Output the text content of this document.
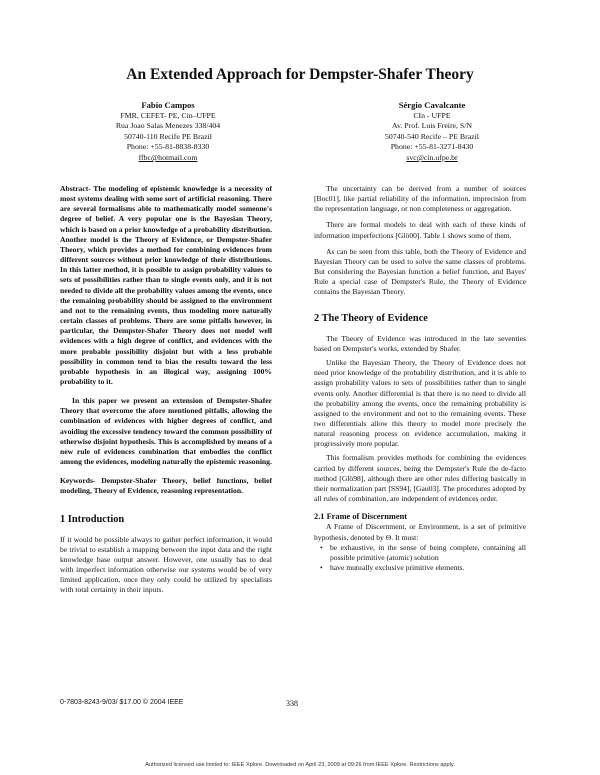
An Extended Approach for Dempster-Shafer Theory
Fabio Campos
FMR, CEFET- PE, Cin–UFPE
Rua Joao Salas Menezes 338/404
50740-110 Recife PE Brazil
Phone: +55-81-8838-8330
ffbc@hotmail.com
Sérgio Cavalcante
CIn - UFPE
Av. Prof. Luis Freire, S/N
50740-540 Recife – PE Brazil
Phone: +55-81-3271-8430
svc@cin.ufpe.br

Abstract- The modeling of epistemic knowledge is a necessity of most systems dealing with some sort of artificial reasoning. There are several formalisms able to mathematically model someone's degree of belief. A very popular one is the Bayesian Theory, which is based on a prior knowledge of a probability distribution. Another model is the Theory of Evidence, or Dempster-Shafer Theory, which provides a method for combining evidences from different sources without prior knowledge of their distributions. In this latter method, it is possible to assign probability values to sets of possibilities rather than to single events only, and it is not needed to divide all the probability values among the events, once the remaining probability should be assigned to the environment and not to the remaining events, thus modeling more naturally certain classes of problems. There are some pitfalls however, in particular, the Dempster-Shafer Theory does not model well evidences with a high degree of conflict, and evidences with the more probable possibility disjoint but with a less probable possibility in common tend to bias the results toward the less probable hypothesis in an illogical way, assigning 100% probability to it.

In this paper we present an extension of Dempster-Shafer Theory that overcome the afore mentioned pitfalls, allowing the combination of evidences with higher degrees of conflict, and avoiding the excessive tendency toward the common possibility of otherwise disjoint hypothesis. This is accomplished by means of a new rule of evidences combination that embodies the conflict among the evidences, modeling naturally the epistemic reasoning.

Keywords- Dempster-Shafer Theory, belief functions, belief modeling, Theory of Evidence, reasoning representation.

1 Introduction

If it would be possible always to gather perfect information, it would be trivial to establish a mapping between the input data and the right knowledge base output answer. However, one usually has to deal with imperfect information otherwise our systems would be of very limited application, once they only could be utilized by specialists with total certainty in their inputs.

The uncertainty can be derived from a number of sources [Boc01], like partial reliability of the information, imprecision from the representation language, or non completeness or aggregation.

There are formal models to deal with each of these kinds of information imperfections [Glö00]. Table 1 shows some of them.

As can be seen from this table, both the Theory of Evidence and Bayesian Theory can be used to solve the same classes of problems. But considering the Bayesian function a belief function, and Bayes' Rule a special case of Dempster's Rule, the Theory of Evidence contains the Bayesian Theory.

2 The Theory of Evidence

The Theory of Evidence was introduced in the late seventies based on Dempster's works, extended by Shafer.

Unlike the Bayesian Theory, the Theory of Evidence does not need prior knowledge of the probability distribution, and it is able to assign probability values to sets of possibilities rather than to single events only. Another differential is that there is no need to divide all the probability among the events, once the remaining probability is assigned to the environment and not to the remaining events. These two differentials allow this theory to model more precisely the natural reasoning process on evidence accumulation, making it progressively more popular.

This formalism provides methods for combining the evidences carried by different sources, being the Dempster's Rule the de-facto method [Glö98], although there are other rules differing basically in their normalization part [SS94], [Gau03]. The procedures adopted by all rules of combination, are independent of evidences order.

2.1 Frame of Discernment

A Frame of Discernment, or Environment, is a set of primitive hypothesis, denoted by Θ. It must:

• be exhaustive, in the sense of being complete, containing all possible primitive (atomic) solution
• have mutually exclusive primitive elements.
0-7803-8243-9/03/ $17.00 © 2004 IEEE	338
Authorized licensed use limited to: IEEE Xplore. Downloaded on April 23, 2009 at 09:26 from IEEE Xplore. Restrictions apply.
